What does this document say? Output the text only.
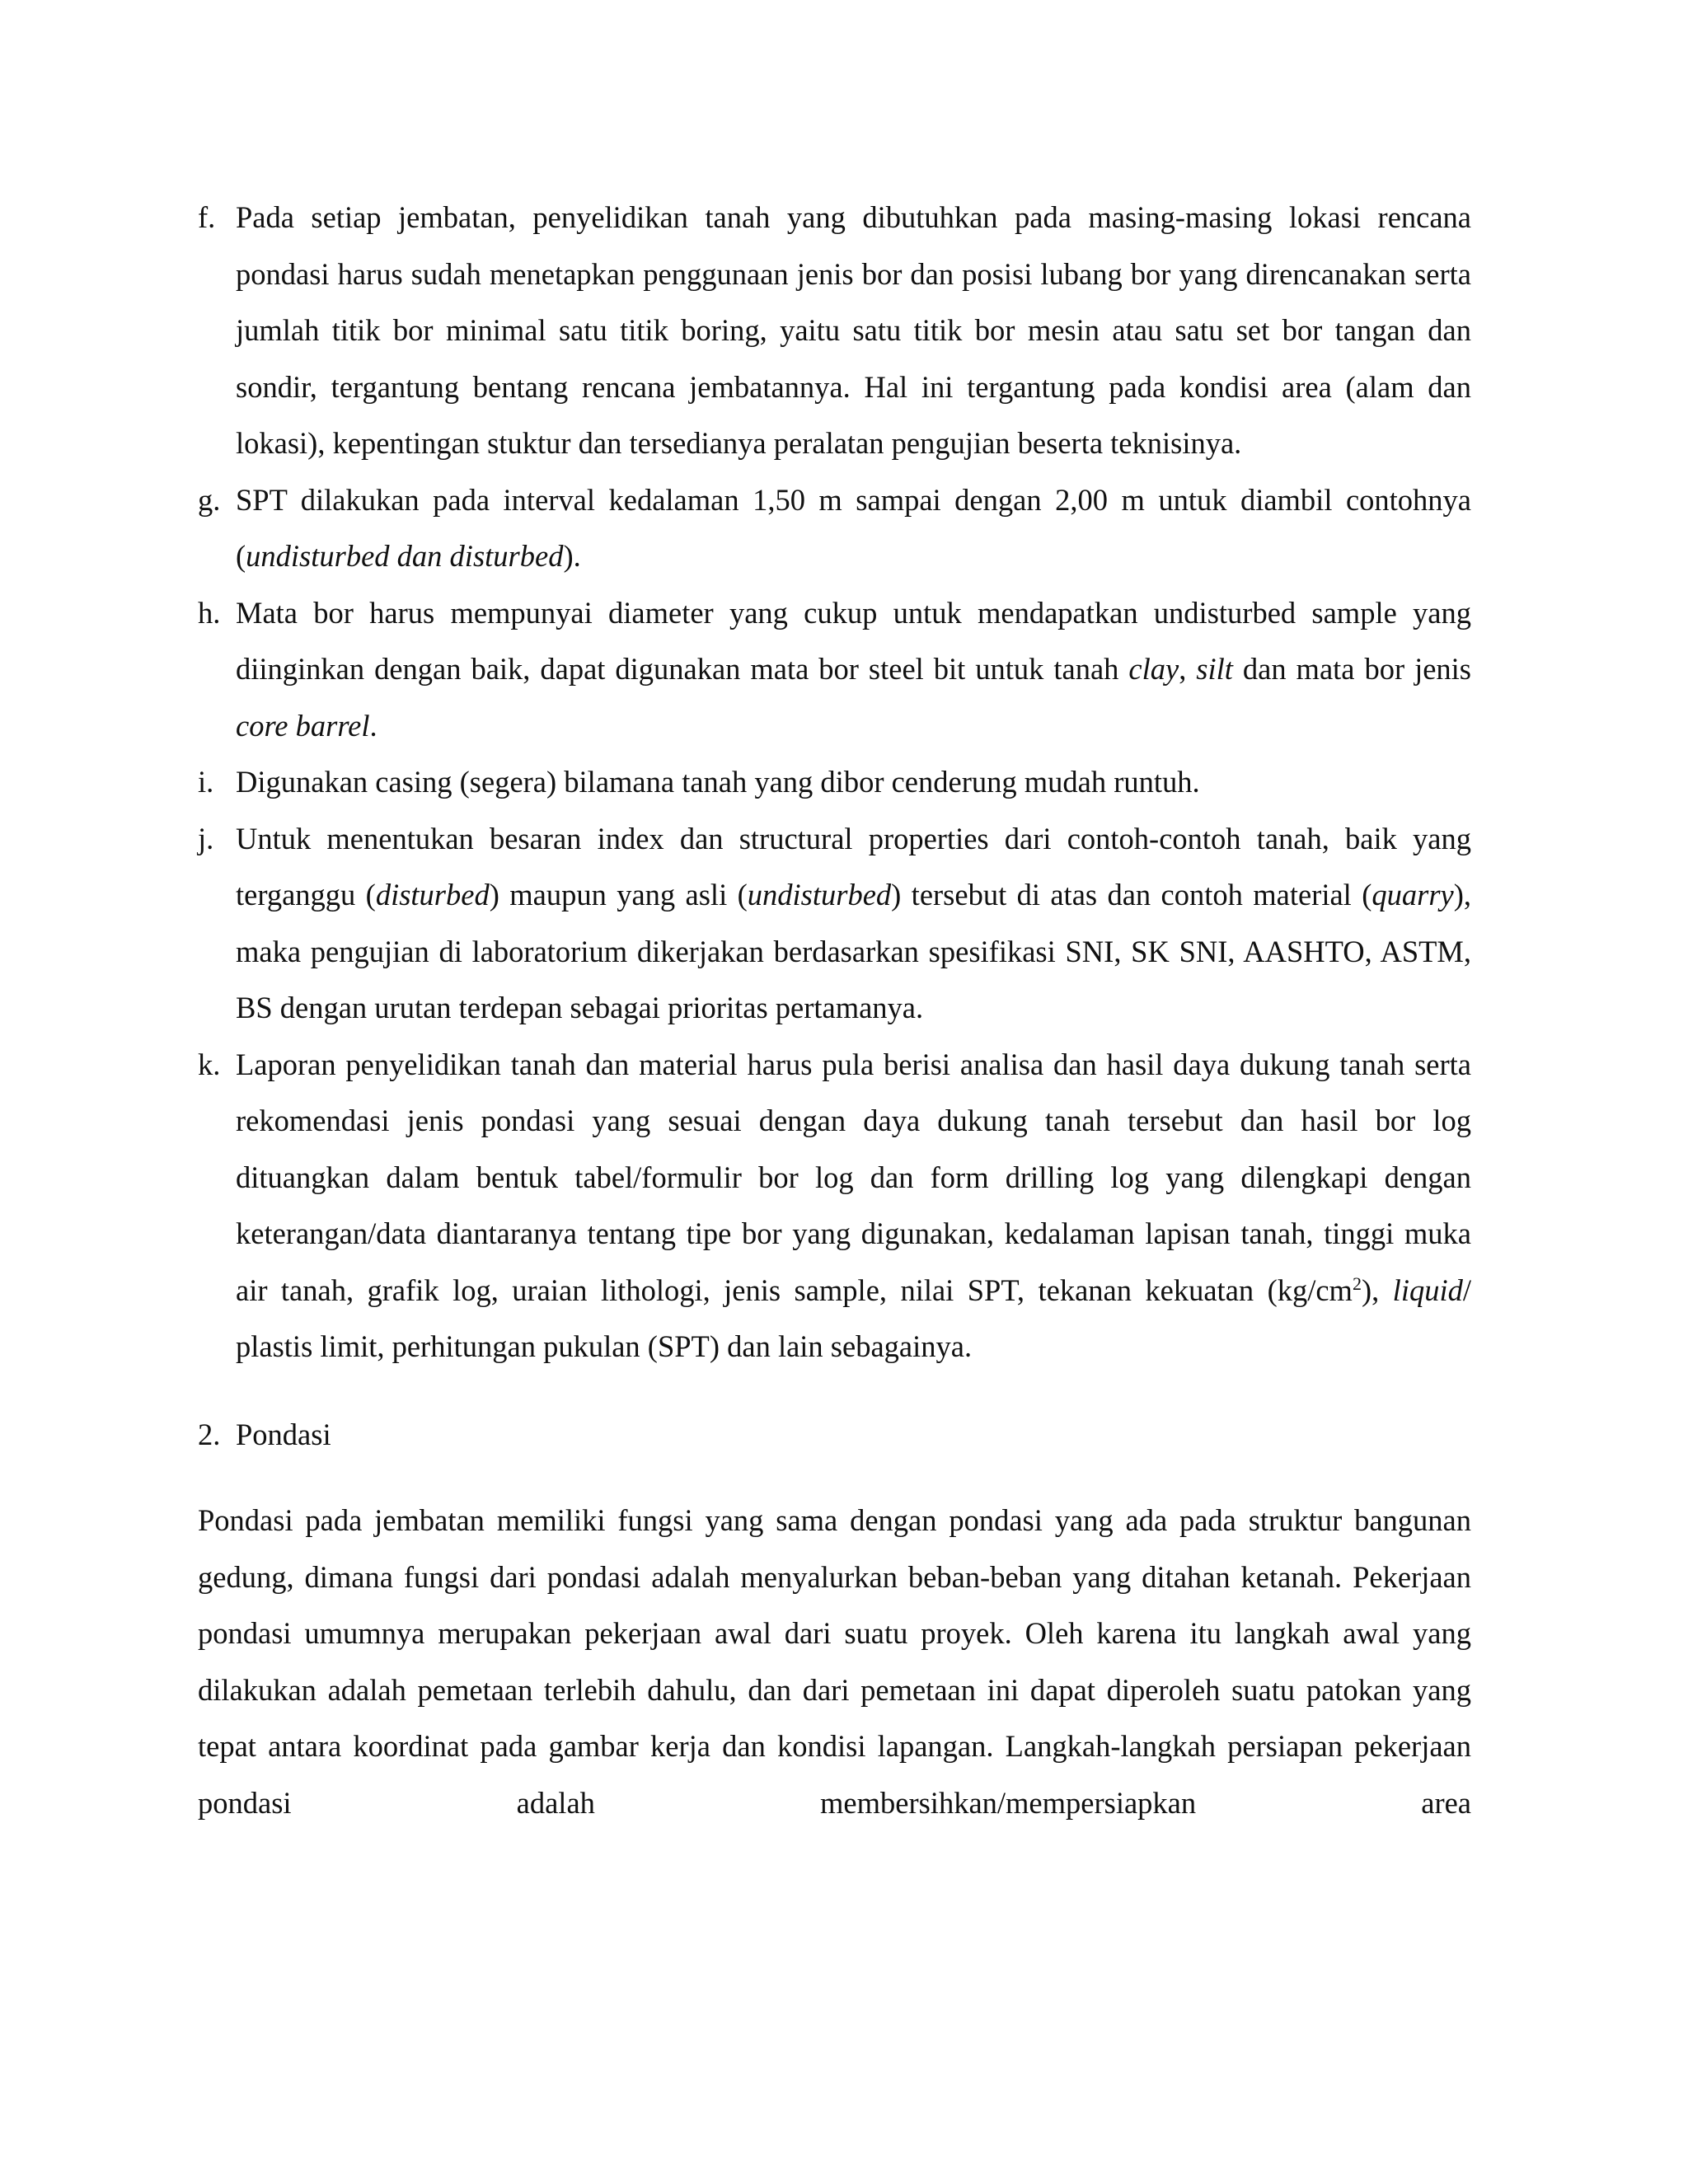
f. Pada setiap jembatan, penyelidikan tanah yang dibutuhkan pada masing-masing lokasi rencana pondasi harus sudah menetapkan penggunaan jenis bor dan posisi lubang bor yang direncanakan serta jumlah titik bor minimal satu titik boring, yaitu satu titik bor mesin atau satu set bor tangan dan sondir, tergantung bentang rencana jembatannya. Hal ini tergantung pada kondisi area (alam dan lokasi), kepentingan stuktur dan tersedianya peralatan pengujian beserta teknisinya.
g. SPT dilakukan pada interval kedalaman 1,50 m sampai dengan 2,00 m untuk diambil contohnya (undisturbed dan disturbed).
h. Mata bor harus mempunyai diameter yang cukup untuk mendapatkan undisturbed sample yang diinginkan dengan baik, dapat digunakan mata bor steel bit untuk tanah clay, silt dan mata bor jenis core barrel.
i. Digunakan casing (segera) bilamana tanah yang dibor cenderung mudah runtuh.
j. Untuk menentukan besaran index dan structural properties dari contoh-contoh tanah, baik yang terganggu (disturbed) maupun yang asli (undisturbed) tersebut di atas dan contoh material (quarry), maka pengujian di laboratorium dikerjakan berdasarkan spesifikasi SNI, SK SNI, AASHTO, ASTM, BS dengan urutan terdepan sebagai prioritas pertamanya.
k. Laporan penyelidikan tanah dan material harus pula berisi analisa dan hasil daya dukung tanah serta rekomendasi jenis pondasi yang sesuai dengan daya dukung tanah tersebut dan hasil bor log dituangkan dalam bentuk tabel/formulir bor log dan form drilling log yang dilengkapi dengan keterangan/data diantaranya tentang tipe bor yang digunakan, kedalaman lapisan tanah, tinggi muka air tanah, grafik log, uraian lithologi, jenis sample, nilai SPT, tekanan kekuatan $(kg/cm^2)$, liquid/ plastis limit, perhitungan pukulan (SPT) dan lain sebagainya.
2. Pondasi
Pondasi pada jembatan memiliki fungsi yang sama dengan pondasi yang ada pada struktur bangunan gedung, dimana fungsi dari pondasi adalah menyalurkan beban-beban yang ditahan ketanah. Pekerjaan pondasi umumnya merupakan pekerjaan awal dari suatu proyek. Oleh karena itu langkah awal yang dilakukan adalah pemetaan terlebih dahulu, dan dari pemetaan ini dapat diperoleh suatu patokan yang tepat antara koordinat pada gambar kerja dan kondisi lapangan. Langkah-langkah persiapan pekerjaan pondasi adalah membersihkan/mempersiapkan area
